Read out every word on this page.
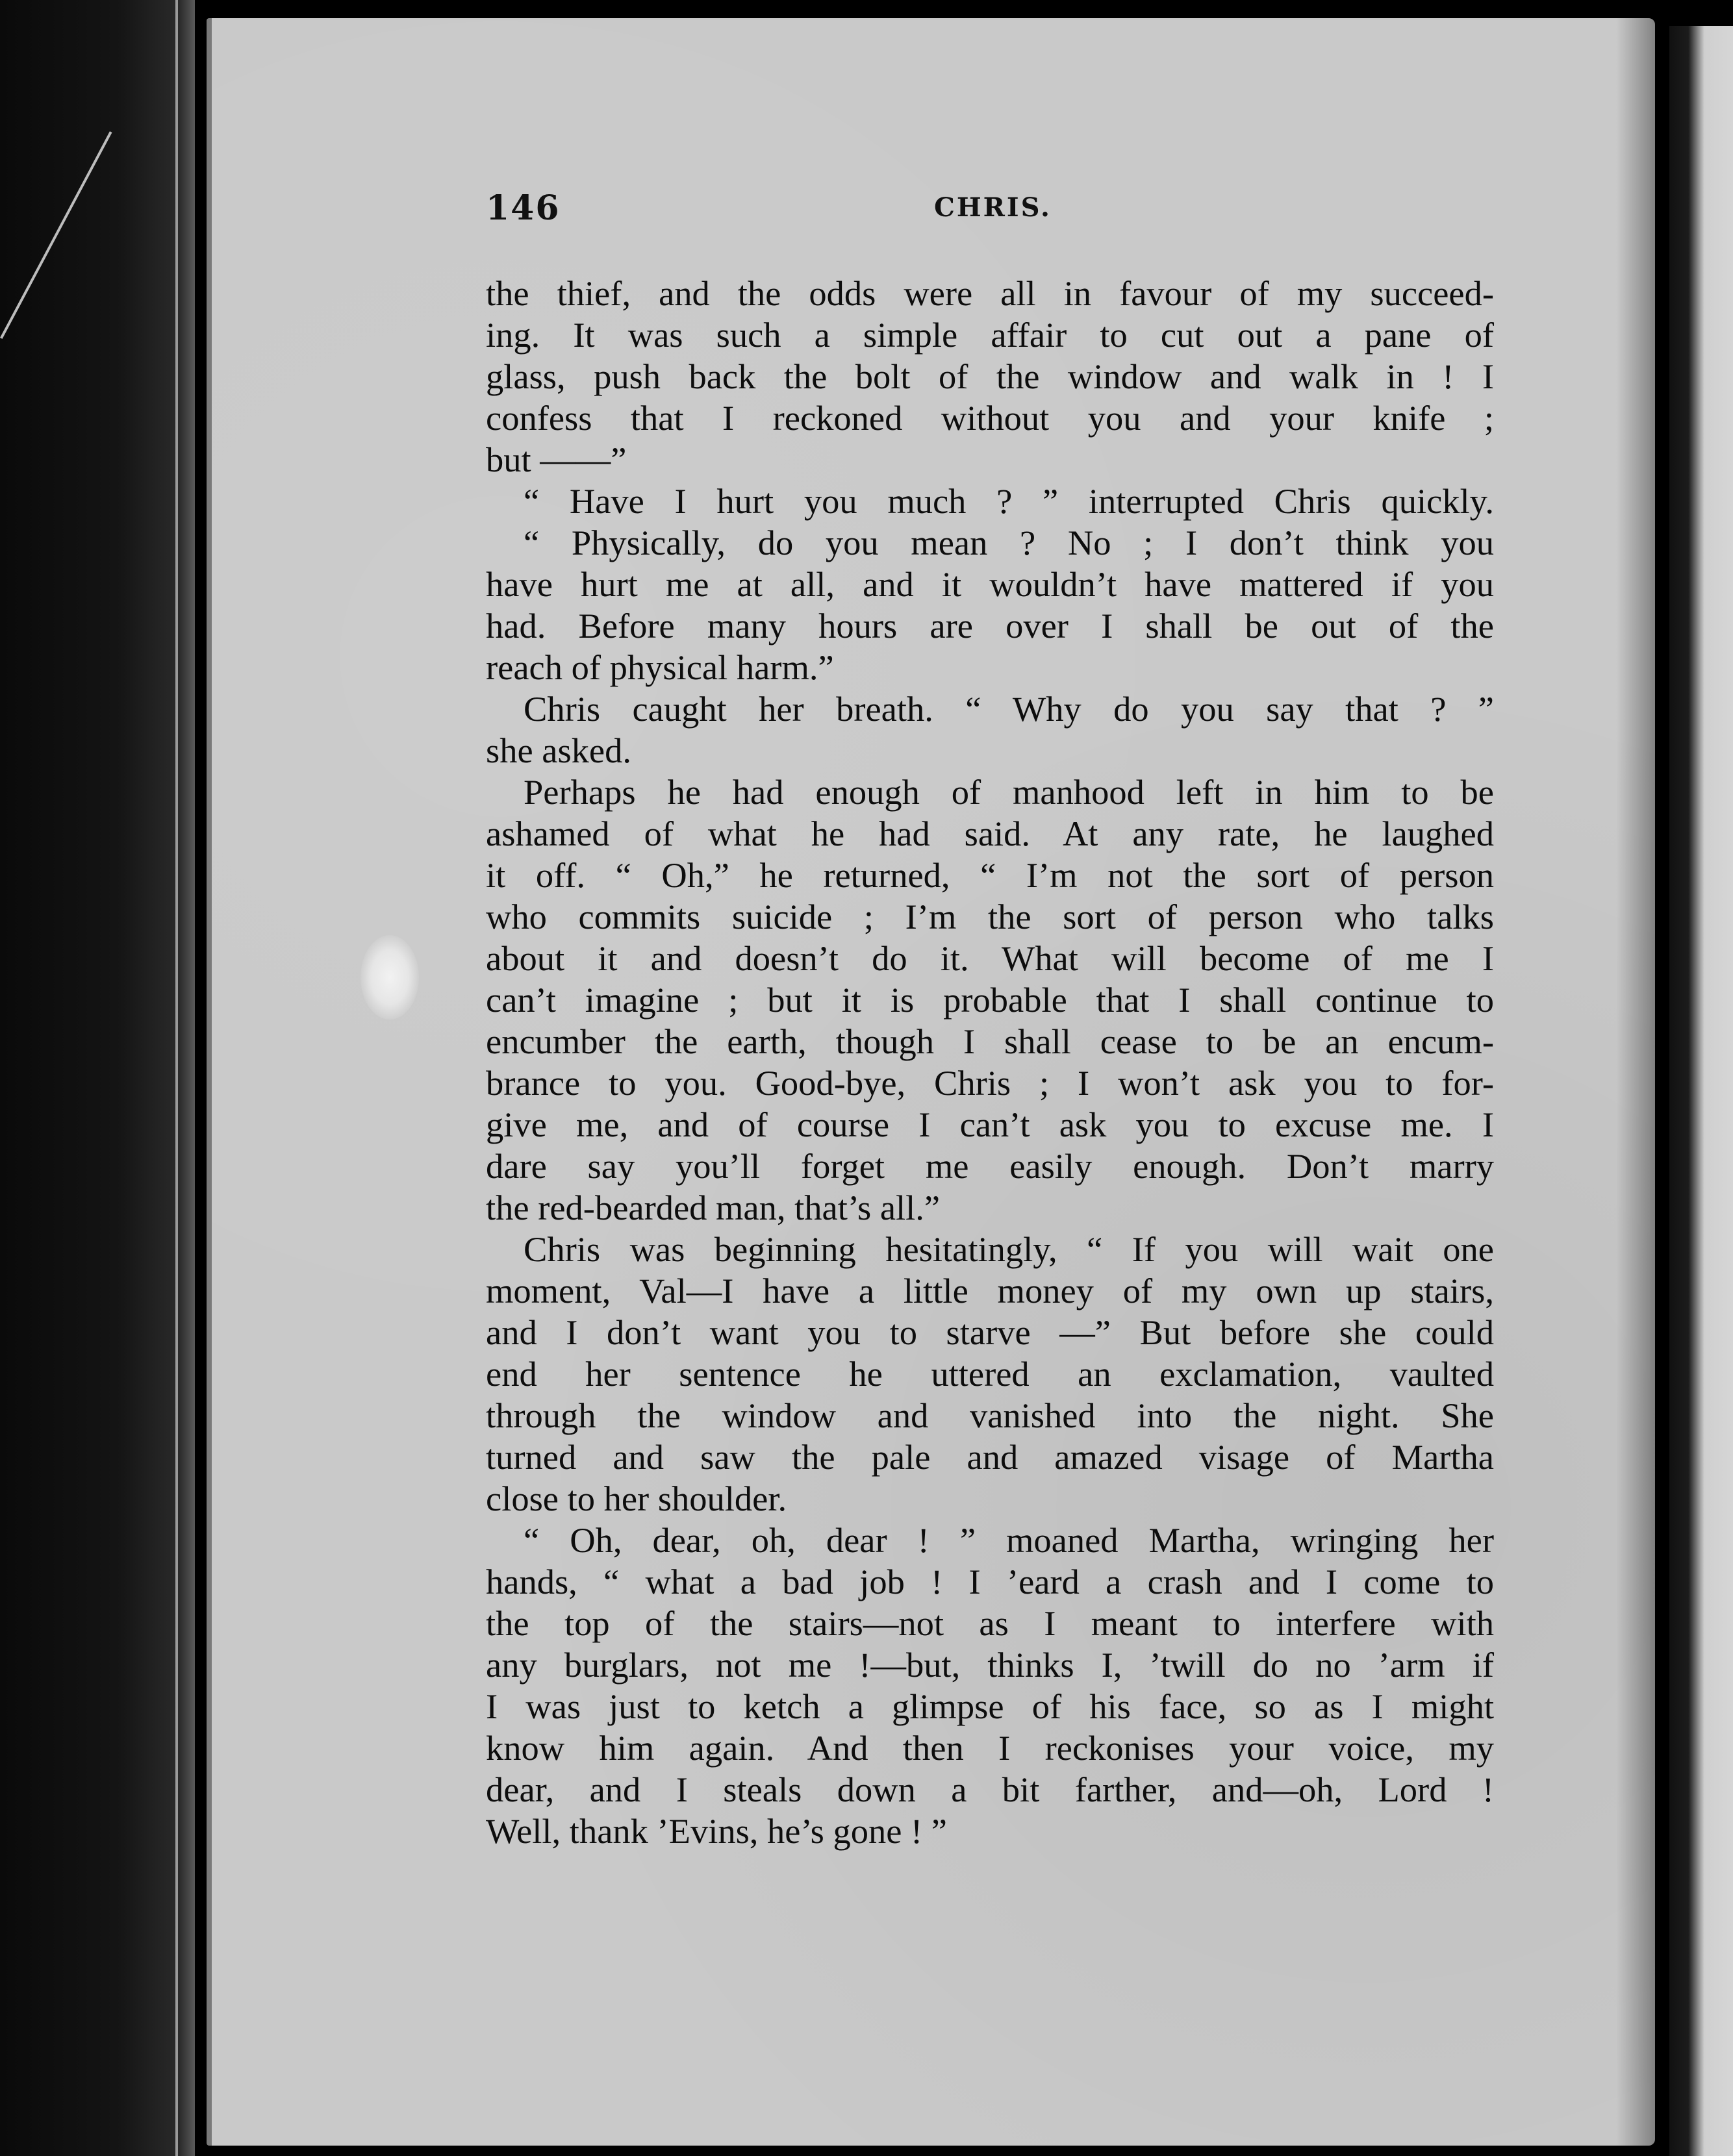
146	CHRIS.
the thief, and the odds were all in favour of my succeed-
ing. It was such a simple affair to cut out a pane of
glass, push back the bolt of the window and walk in ! I
confess that I reckoned without you and your knife ;
but ——”
“ Have I hurt you much ? ” interrupted Chris quickly.
“ Physically, do you mean ? No ; I don’t think you
have hurt me at all, and it wouldn’t have mattered if you
had. Before many hours are over I shall be out of the
reach of physical harm.”
Chris caught her breath. “ Why do you say that ? ”
she asked.
Perhaps he had enough of manhood left in him to be
ashamed of what he had said. At any rate, he laughed
it off. “ Oh,” he returned, “ I’m not the sort of person
who commits suicide ; I’m the sort of person who talks
about it and doesn’t do it. What will become of me I
can’t imagine ; but it is probable that I shall continue to
encumber the earth, though I shall cease to be an encum-
brance to you. Good-bye, Chris ; I won’t ask you to for-
give me, and of course I can’t ask you to excuse me. I
dare say you’ll forget me easily enough. Don’t marry
the red-bearded man, that’s all.”
Chris was beginning hesitatingly, “ If you will wait one
moment, Val—I have a little money of my own up stairs,
and I don’t want you to starve —” But before she could
end her sentence he uttered an exclamation, vaulted
through the window and vanished into the night. She
turned and saw the pale and amazed visage of Martha
close to her shoulder.
“ Oh, dear, oh, dear ! ” moaned Martha, wringing her
hands, “ what a bad job ! I ’eard a crash and I come to
the top of the stairs—not as I meant to interfere with
any burglars, not me !—but, thinks I, ’twill do no ’arm if
I was just to ketch a glimpse of his face, so as I might
know him again. And then I reckonises your voice, my
dear, and I steals down a bit farther, and—oh, Lord !
Well, thank ’Evins, he’s gone ! ”
